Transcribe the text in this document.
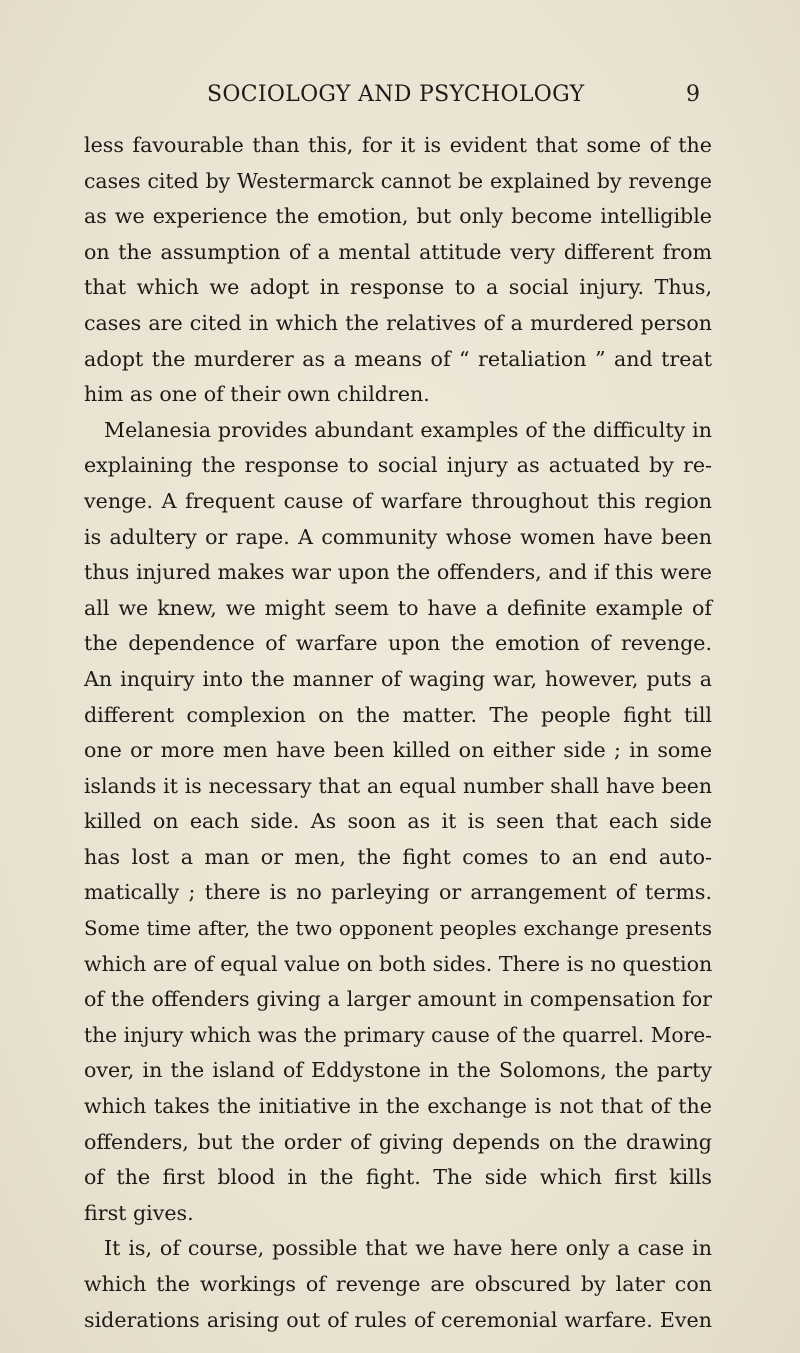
SOCIOLOGY AND PSYCHOLOGY	9
less favourable than this, for it is evident that some of the
cases cited by Westermarck cannot be explained by revenge
as we experience the emotion, but only become intelligible
on the assumption of a mental attitude very different from
that which we adopt in response to a social injury. Thus,
cases are cited in which the relatives of a murdered person
adopt the murderer as a means of “ retaliation ” and treat
him as one of their own children.
Melanesia provides abundant examples of the difficulty in
explaining the response to social injury as actuated by re-
venge. A frequent cause of warfare throughout this region
is adultery or rape. A community whose women have been
thus injured makes war upon the offenders, and if this were
all we knew, we might seem to have a definite example of
the dependence of warfare upon the emotion of revenge.
An inquiry into the manner of waging war, however, puts a
different complexion on the matter. The people fight till
one or more men have been killed on either side ; in some
islands it is necessary that an equal number shall have been
killed on each side. As soon as it is seen that each side
has lost a man or men, the fight comes to an end auto-
matically ; there is no parleying or arrangement of terms.
Some time after, the two opponent peoples exchange presents
which are of equal value on both sides. There is no question
of the offenders giving a larger amount in compensation for
the injury which was the primary cause of the quarrel. More-
over, in the island of Eddystone in the Solomons, the party
which takes the initiative in the exchange is not that of the
offenders, but the order of giving depends on the drawing
of the first blood in the fight. The side which first kills
first gives.
It is, of course, possible that we have here only a case in
which the workings of revenge are obscured by later con
siderations arising out of rules of ceremonial warfare. Even
